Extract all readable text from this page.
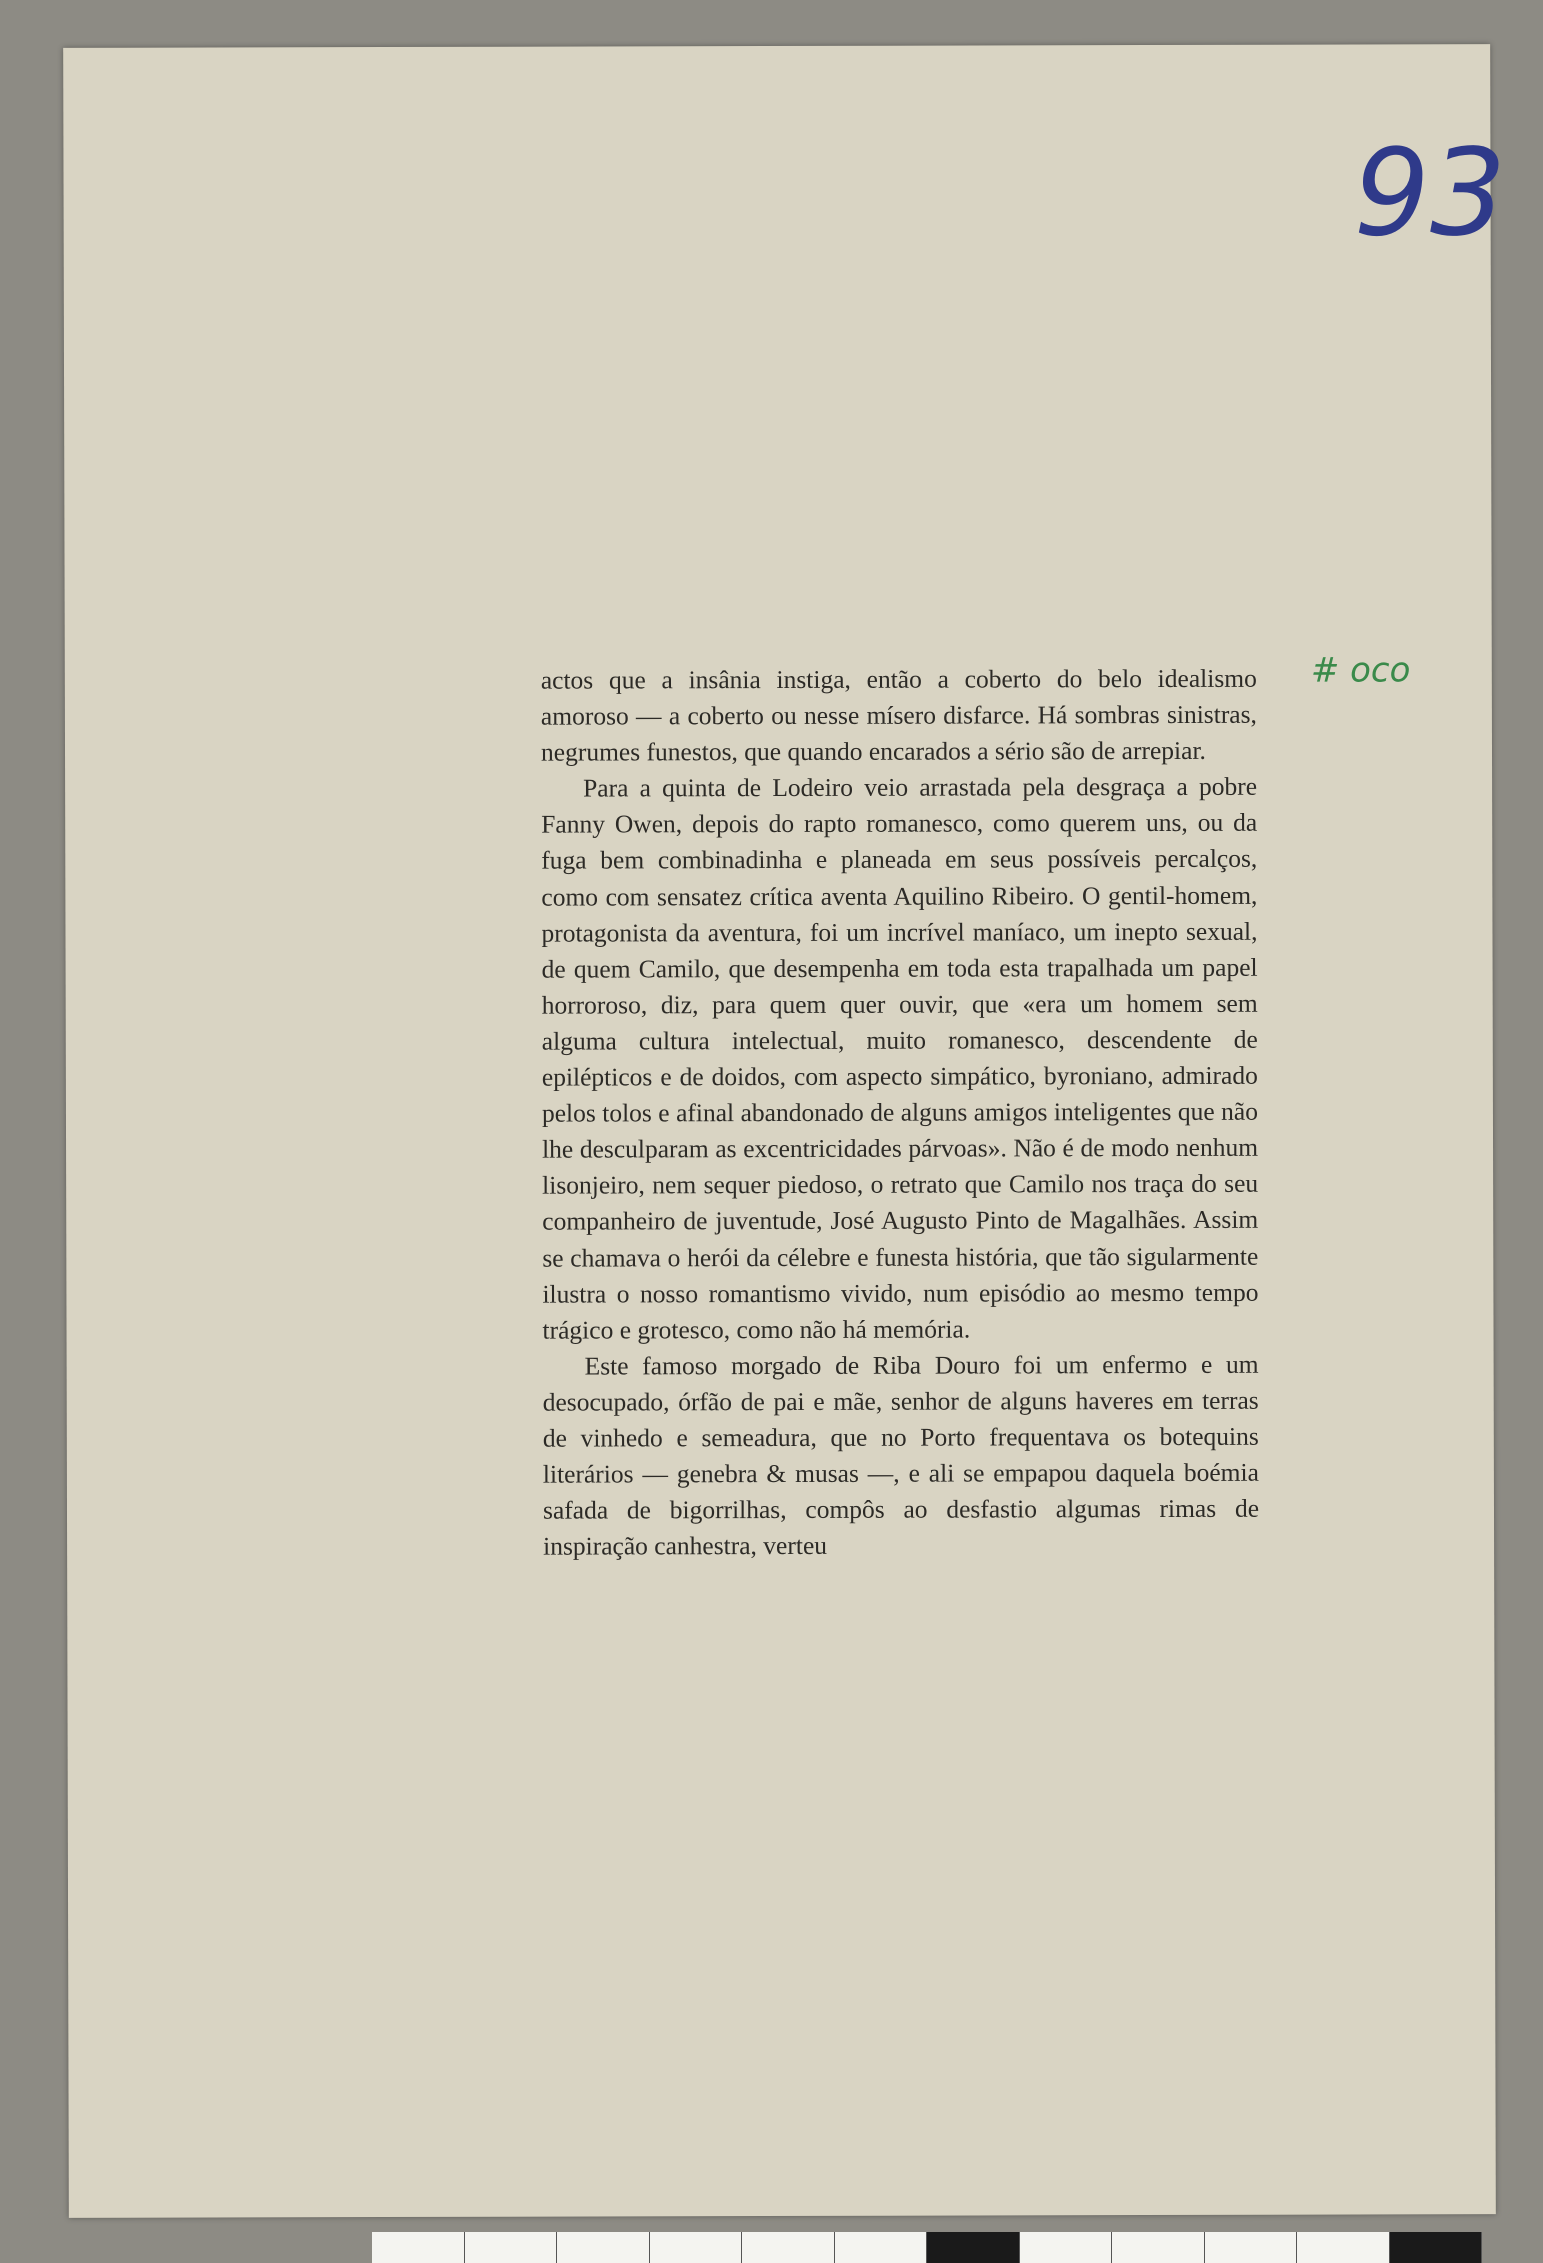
93
# oco

actos que a insânia instiga, então a coberto do belo idealismo amoroso — a coberto ou nesse mísero disfarce. Há sombras sinistras, negrumes funestos, que quando encarados a sério são de arrepiar.

Para a quinta de Lodeiro veio arrastada pela desgraça a pobre Fanny Owen, depois do rapto romanesco, como querem uns, ou da fuga bem combinadinha e planeada em seus possíveis percalços, como com sensatez crítica aventa Aquilino Ribeiro. O gentil-homem, protagonista da aventura, foi um incrível maníaco, um inepto sexual, de quem Camilo, que desempenha em toda esta trapalhada um papel horroroso, diz, para quem quer ouvir, que «era um homem sem alguma cultura intelectual, muito romanesco, descendente de epilépticos e de doidos, com aspecto simpático, byroniano, admirado pelos tolos e afinal abandonado de alguns amigos inteligentes que não lhe desculparam as excentricidades párvoas». Não é de modo nenhum lisonjeiro, nem sequer piedoso, o retrato que Camilo nos traça do seu companheiro de juventude, José Augusto Pinto de Magalhães. Assim se chamava o herói da célebre e funesta história, que tão sigularmente ilustra o nosso romantismo vivido, num episódio ao mesmo tempo trágico e grotesco, como não há memória.

Este famoso morgado de Riba Douro foi um enfermo e um desocupado, órfão de pai e mãe, senhor de alguns haveres em terras de vinhedo e semeadura, que no Porto frequentava os botequins literários — genebra & musas —, e ali se empapou daquela boémia safada de bigorrilhas, compôs ao desfastio algumas rimas de inspiração canhestra, verteu
